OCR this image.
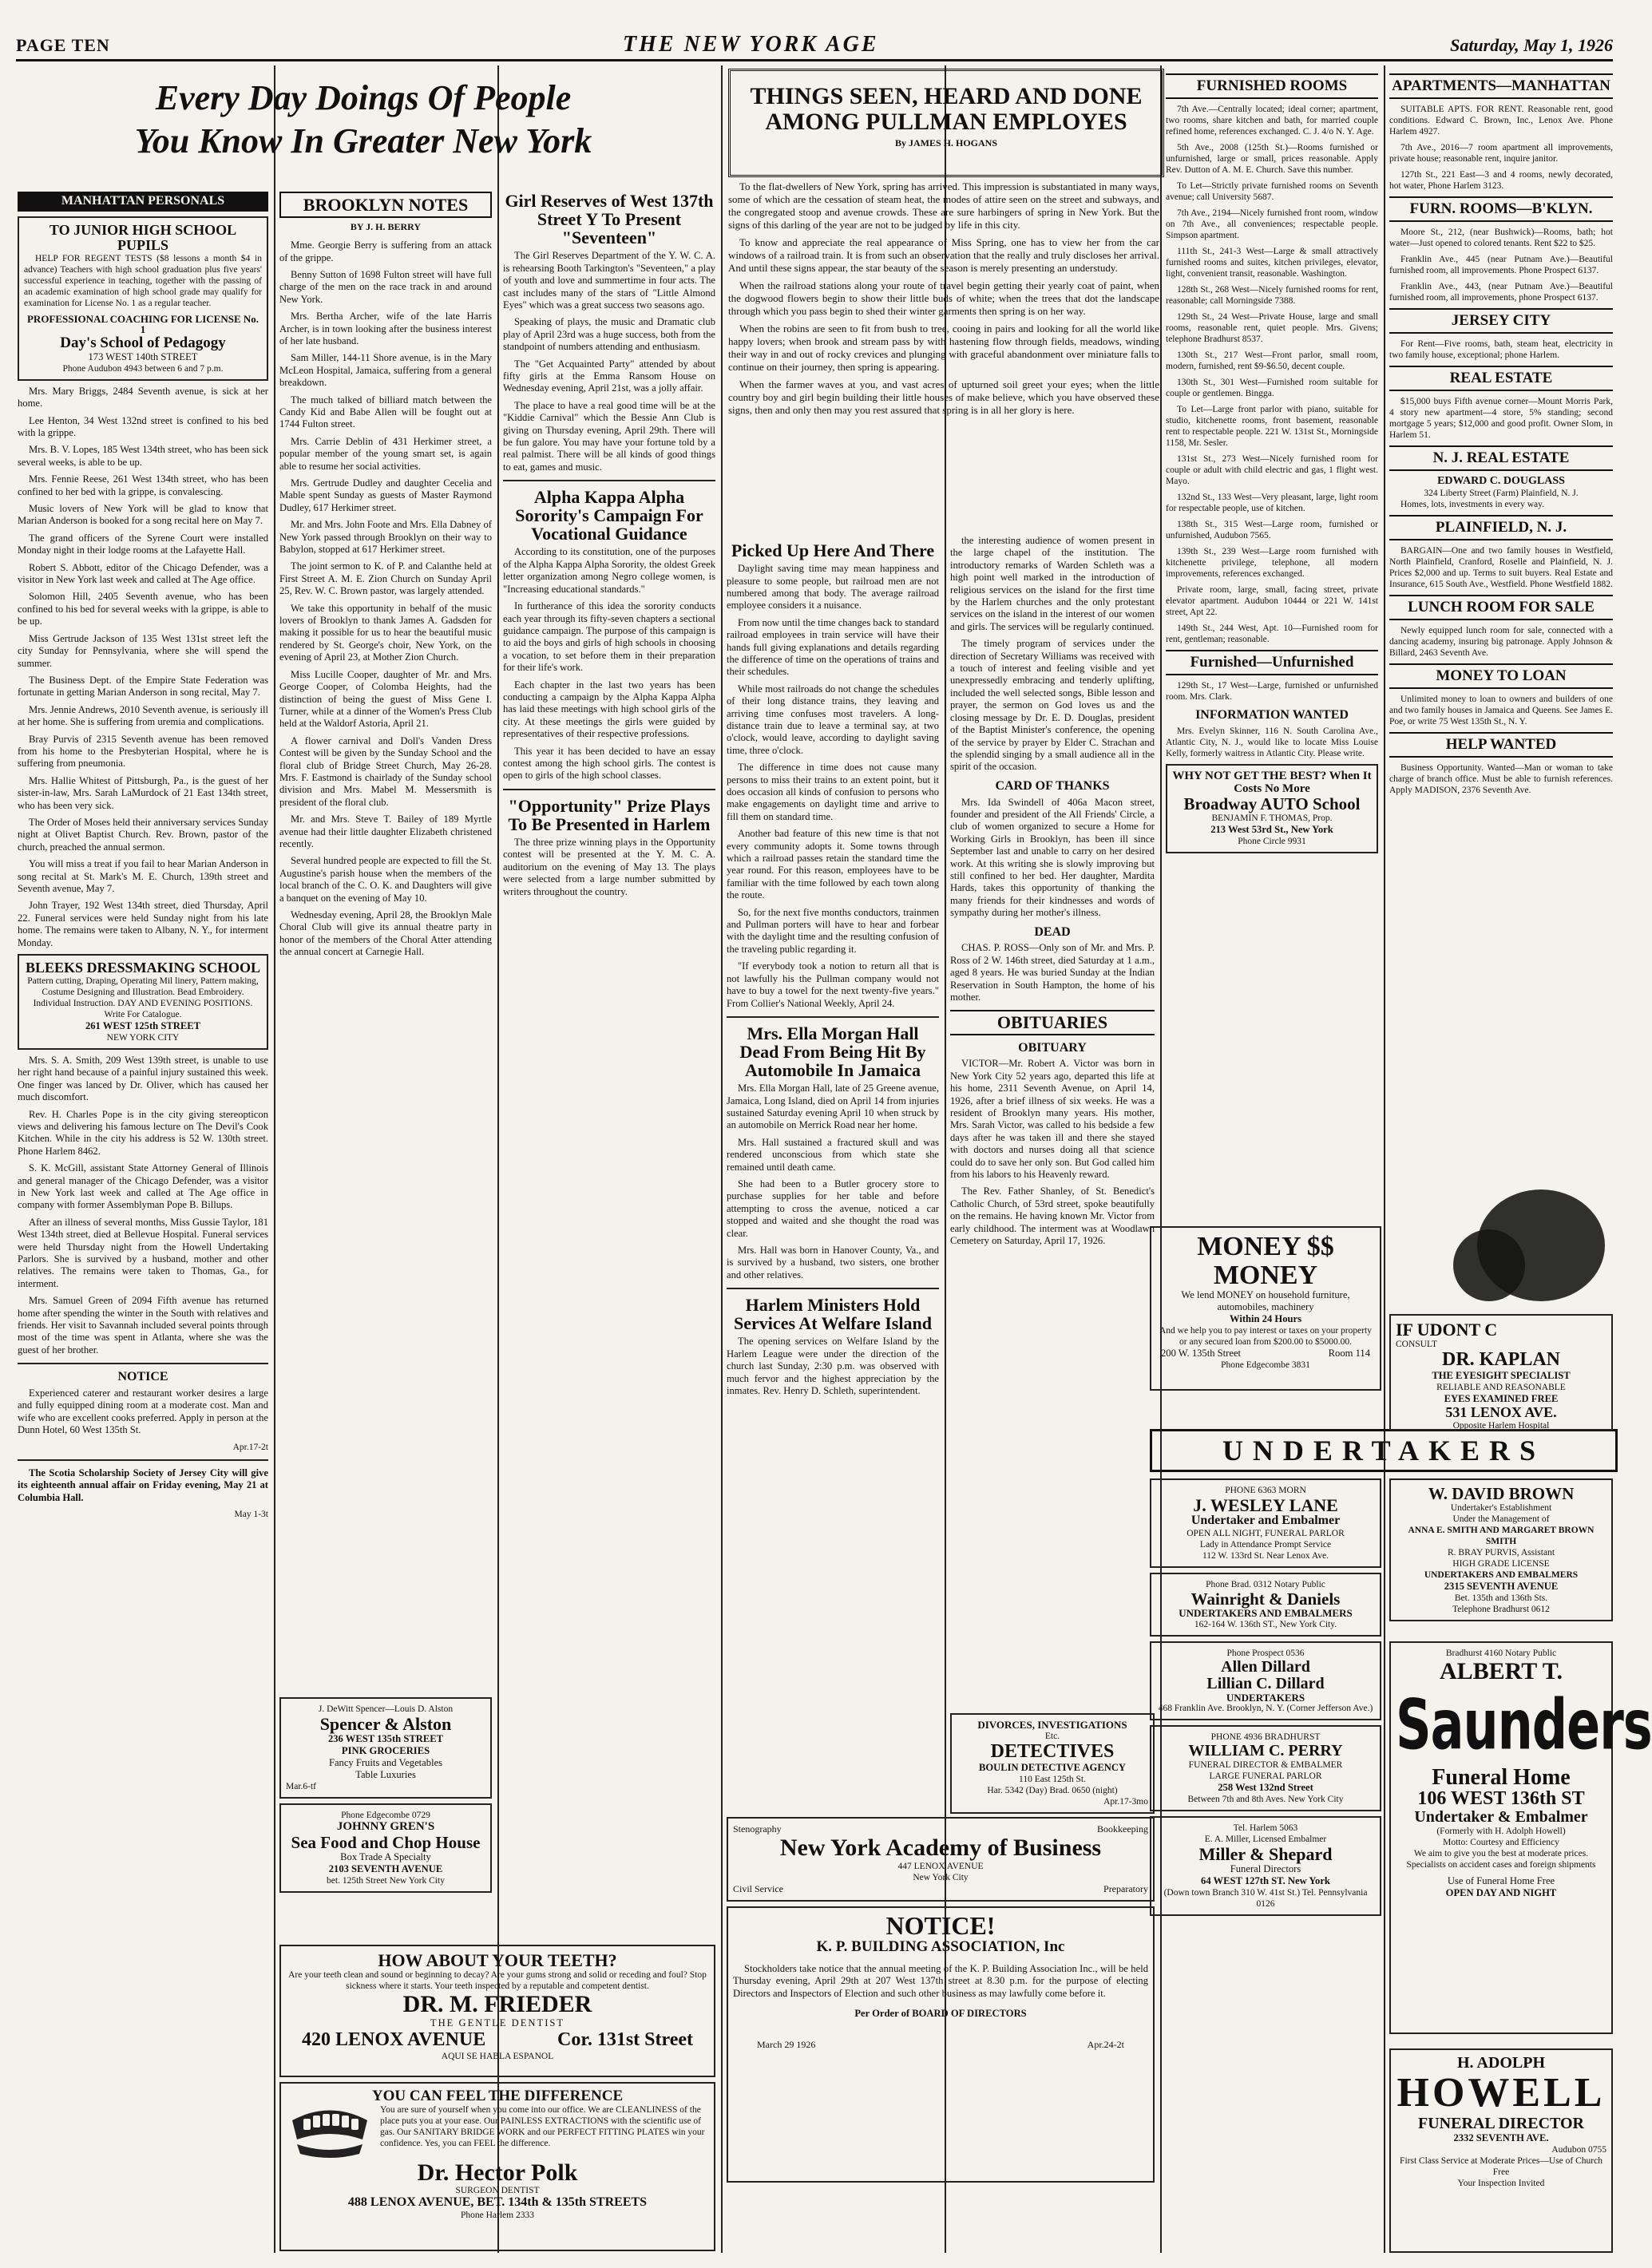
PAGE TEN	THE NEW YORK AGE	Saturday, May 1, 1926
Every Day Doings Of People
You Know In Greater New York
MANHATTAN PERSONALS
TO JUNIOR HIGH SCHOOL PUPILS

HELP FOR REGENT TESTS ($8 lessons a month $4 in advance) Teachers with high school graduation plus five years' successful experience in teaching, together with the passing of an academic examination of high school grade may qualify for examination for License No. 1 as a regular teacher.

PROFESSIONAL COACHING FOR LICENSE No. 1
Day's School of Pedagogy
173 WEST 140th STREET
Phone Audubon 4943 between 6 and 7 p.m.

Mrs. Mary Briggs, 2484 Seventh avenue, is sick at her home.

Lee Henton, 34 West 132nd street is confined to his bed with la grippe.

Mrs. B. V. Lopes, 185 West 134th street, who has been sick several weeks, is able to be up.

Mrs. Fennie Reese, 261 West 134th street, who has been confined to her bed with la grippe, is convalescing.

Music lovers of New York will be glad to know that Marian Anderson is booked for a song recital here on May 7.

The grand officers of the Syrene Court were installed Monday night in their lodge rooms at the Lafayette Hall.

Robert S. Abbott, editor of the Chicago Defender, was a visitor in New York last week and called at The Age office.

Solomon Hill, 2405 Seventh avenue, who has been confined to his bed for several weeks with la grippe, is able to be up.

Miss Gertrude Jackson of 135 West 131st street left the city Sunday for Pennsylvania, where she will spend the summer.

The Business Dept. of the Empire State Federation was fortunate in getting Marian Anderson in song recital, May 7.

Mrs. Jennie Andrews, 2010 Seventh avenue, is seriously ill at her home. She is suffering from uremia and complications.

Bray Purvis of 2315 Seventh avenue has been removed from his home to the Presbyterian Hospital, where he is suffering from pneumonia.

Mrs. Hallie Whitest of Pittsburgh, Pa., is the guest of her sister-in-law, Mrs. Sarah LaMurdock of 21 East 134th street, who has been very sick.

The Order of Moses held their anniversary services Sunday night at Olivet Baptist Church. Rev. Brown, pastor of the church, preached the annual sermon.

You will miss a treat if you fail to hear Marian Anderson in song recital at St. Mark's M. E. Church, 139th street and Seventh avenue, May 7.

John Trayer, 192 West 134th street, died Thursday, April 22. Funeral services were held Sunday night from his late home. The remains were taken to Albany, N. Y., for interment Monday.

BLEEKS DRESSMAKING SCHOOL
Pattern cutting, Draping, Operating Mil linery, Pattern making, Costume Designing and Illustration. Bead Embroidery. Individual Instruction. DAY AND EVENING POSITIONS. Write For Catalogue.
261 WEST 125th STREET
NEW YORK CITY

Mrs. S. A. Smith, 209 West 139th street, is unable to use her right hand because of a painful injury sustained this week. One finger was lanced by Dr. Oliver, which has caused her much discomfort.

Rev. H. Charles Pope is in the city giving stereopticon views and delivering his famous lecture on The Devil's Cook Kitchen. While in the city his address is 52 W. 130th street. Phone Harlem 8462.

S. K. McGill, assistant State Attorney General of Illinois and general manager of the Chicago Defender, was a visitor in New York last week and called at The Age office in company with former Assemblyman Pope B. Billups.

After an illness of several months, Miss Gussie Taylor, 181 West 134th street, died at Bellevue Hospital. Funeral services were held Thursday night from the Howell Undertaking Parlors. She is survived by a husband, mother and other relatives. The remains were taken to Thomas, Ga., for interment.

Mrs. Samuel Green of 2094 Fifth avenue has returned home after spending the winter in the South with relatives and friends. Her visit to Savannah included several points through most of the time was spent in Atlanta, where she was the guest of her brother.

NOTICE

Experienced caterer and restaurant worker desires a large and fully equipped dining room at a moderate cost. Man and wife who are excellent cooks preferred. Apply in person at the Dunn Hotel, 60 West 135th St.

Apr.17-2t

The Scotia Scholarship Society of Jersey City will give its eighteenth annual affair on Friday evening, May 21 at Columbia Hall.

May 1-3t
BROOKLYN NOTES
BY J. H. BERRY

Mme. Georgie Berry is suffering from an attack of the grippe.

Benny Sutton of 1698 Fulton street will have full charge of the men on the race track in and around New York.

Mrs. Bertha Archer, wife of the late Harris Archer, is in town looking after the business interest of her late husband.

Sam Miller, 144-11 Shore avenue, is in the Mary McLeon Hospital, Jamaica, suffering from a general breakdown.

The much talked of billiard match between the Candy Kid and Babe Allen will be fought out at 1744 Fulton street.

Mrs. Carrie Deblin of 431 Herkimer street, a popular member of the young smart set, is again able to resume her social activities.

Mrs. Gertrude Dudley and daughter Cecelia and Mable spent Sunday as guests of Master Raymond Dudley, 617 Herkimer street.

Mr. and Mrs. John Foote and Mrs. Ella Dabney of New York passed through Brooklyn on their way to Babylon, stopped at 617 Herkimer street.

The joint sermon to K. of P. and Calanthe held at First Street A. M. E. Zion Church on Sunday April 25, Rev. W. C. Brown pastor, was largely attended.

We take this opportunity in behalf of the music lovers of Brooklyn to thank James A. Gadsden for making it possible for us to hear the beautiful music rendered by St. George's choir, New York, on the evening of April 23, at Mother Zion Church.

Miss Lucille Cooper, daughter of Mr. and Mrs. George Cooper, of Colomba Heights, had the distinction of being the guest of Miss Gene I. Turner, while at a dinner of the Women's Press Club held at the Waldorf Astoria, April 21.

A flower carnival and Doll's Vanden Dress Contest will be given by the Sunday School and the floral club of Bridge Street Church, May 26-28. Mrs. F. Eastmond is chairlady of the Sunday school division and Mrs. Mabel M. Messersmith is president of the floral club.

Mr. and Mrs. Steve T. Bailey of 189 Myrtle avenue had their little daughter Elizabeth christened recently.

Several hundred people are expected to fill the St. Augustine's parish house when the members of the local branch of the C. O. K. and Daughters will give a banquet on the evening of May 10.

Wednesday evening, April 28, the Brooklyn Male Choral Club will give its annual theatre party in honor of the members of the Choral Atter attending the annual concert at Carnegie Hall.

J. DeWitt Spencer—Louis D. Alston
Spencer & Alston
236 WEST 135th STREET
PINK GROCERIES
Fancy Fruits and Vegetables
Table Luxuries
Mar.6-tf
Phone Edgecombe 0729
JOHNNY GREN'S
Sea Food and Chop House
Box Trade A Specialty
2103 SEVENTH AVENUE
bet. 125th Street New York City
Girl Reserves of West 137th Street Y To Present "Seventeen"

The Girl Reserves Department of the Y. W. C. A. is rehearsing Booth Tarkington's "Seventeen," a play of youth and love and summertime in four acts. The cast includes many of the stars of "Little Almond Eyes" which was a great success two seasons ago.

Speaking of plays, the music and Dramatic club play of April 23rd was a huge success, both from the standpoint of numbers attending and enthusiasm.

The "Get Acquainted Party" attended by about fifty girls at the Emma Ransom House on Wednesday evening, April 21st, was a jolly affair.

The place to have a real good time will be at the "Kiddie Carnival" which the Bessie Ann Club is giving on Thursday evening, April 29th. There will be fun galore. You may have your fortune told by a real palmist. There will be all kinds of good things to eat, games and music.

Alpha Kappa Alpha Sorority's Campaign For Vocational Guidance

According to its constitution, one of the purposes of the Alpha Kappa Alpha Sorority, the oldest Greek letter organization among Negro college women, is "Increasing educational standards."

In furtherance of this idea the sorority conducts each year through its fifty-seven chapters a sectional guidance campaign. The purpose of this campaign is to aid the boys and girls of high schools in choosing a vocation, to set before them in their preparation for their life's work.

Each chapter in the last two years has been conducting a campaign by the Alpha Kappa Alpha has laid these meetings with high school girls of the city. At these meetings the girls were guided by representatives of their respective professions.

This year it has been decided to have an essay contest among the high school girls. The contest is open to girls of the high school classes.

"Opportunity" Prize Plays To Be Presented in Harlem

The three prize winning plays in the Opportunity contest will be presented at the Y. M. C. A. auditorium on the evening of May 13. The plays were selected from a large number submitted by writers throughout the country.

THINGS SEEN, HEARD AND DONE AMONG PULLMAN EMPLOYES
By JAMES H. HOGANS

To the flat-dwellers of New York, spring has arrived. This impression is substantiated in many ways, some of which are the cessation of steam heat, the modes of attire seen on the street and subways, and the congregated stoop and avenue crowds. These are sure harbingers of spring in New York. But the signs of this darling of the year are not to be judged by life in this city.

To know and appreciate the real appearance of Miss Spring, one has to view her from the car windows of a railroad train. It is from such an observation that the really and truly discloses her arrival. And until these signs appear, the star beauty of the season is merely presenting an understudy.

When the railroad stations along your route of travel begin getting their yearly coat of paint, when the dogwood flowers begin to show their little buds of white; when the trees that dot the landscape through which you pass begin to shed their winter garments then spring is on her way.

When the robins are seen to fit from bush to tree, cooing in pairs and looking for all the world like happy lovers; when brook and stream pass by with hastening flow through fields, meadows, winding their way in and out of rocky crevices and plunging with graceful abandonment over miniature falls to continue on their journey, then spring is appearing.

When the farmer waves at you, and vast acres of upturned soil greet your eyes; when the little country boy and girl begin building their little houses of make believe, which you have observed these signs, then and only then may you rest assured that spring is in all her glory is here.

Picked Up Here And There

Daylight saving time may mean happiness and pleasure to some people, but railroad men are not numbered among that body. The average railroad employee considers it a nuisance.

From now until the time changes back to standard railroad employees in train service will have their hands full giving explanations and details regarding the difference of time on the operations of trains and their schedules.

While most railroads do not change the schedules of their long distance trains, they leaving and arriving time confuses most travelers. A long-distance train due to leave a terminal say, at two o'clock, would leave, according to daylight saving time, three o'clock.

The difference in time does not cause many persons to miss their trains to an extent point, but it does occasion all kinds of confusion to persons who make engagements on daylight time and arrive to fill them on standard time.

Another bad feature of this new time is that not every community adopts it. Some towns through which a railroad passes retain the standard time the year round. For this reason, employees have to be familiar with the time followed by each town along the route.

So, for the next five months conductors, trainmen and Pullman porters will have to hear and forbear with the daylight time and the resulting confusion of the traveling public regarding it.

"If everybody took a notion to return all that is not lawfully his the Pullman company would not have to buy a towel for the next twenty-five years." From Collier's National Weekly, April 24.

Mrs. Ella Morgan Hall Dead From Being Hit By Automobile In Jamaica

Mrs. Ella Morgan Hall, late of 25 Greene avenue, Jamaica, Long Island, died on April 14 from injuries sustained Saturday evening April 10 when struck by an automobile on Merrick Road near her home.

Mrs. Hall sustained a fractured skull and was rendered unconscious from which state she remained until death came.

She had been to a Butler grocery store to purchase supplies for her table and before attempting to cross the avenue, noticed a car stopped and waited and she thought the road was clear.

Mrs. Hall was born in Hanover County, Va., and is survived by a husband, two sisters, one brother and other relatives.

Harlem Ministers Hold Services At Welfare Island

The opening services on Welfare Island by the Harlem League were under the direction of the church last Sunday, 2:30 p.m. was observed with much fervor and the highest appreciation by the inmates. Rev. Henry D. Schleth, superintendent.

the interesting audience of women present in the large chapel of the institution. The introductory remarks of Warden Schleth was a high point well marked in the introduction of religious services on the island for the first time by the Harlem churches and the only protestant services on the island in the interest of our women and girls. The services will be regularly continued.

The timely program of services under the direction of Secretary Williams was received with a touch of interest and feeling visible and yet unexpressedly embracing and tenderly uplifting, included the well selected songs, Bible lesson and prayer, the sermon on God loves us and the closing message by Dr. E. D. Douglas, president of the Baptist Minister's conference, the opening of the service by prayer by Elder C. Strachan and the splendid singing by a small audience all in the spirit of the occasion.

CARD OF THANKS

Mrs. Ida Swindell of 406a Macon street, founder and president of the All Friends' Circle, a club of women organized to secure a Home for Working Girls in Brooklyn, has been ill since September last and unable to carry on her desired work. At this writing she is slowly improving but still confined to her bed. Her daughter, Mardita Hards, takes this opportunity of thanking the many friends for their kindnesses and words of sympathy during her mother's illness.

DEAD

CHAS. P. ROSS—Only son of Mr. and Mrs. P. Ross of 2 W. 146th street, died Saturday at 1 a.m., aged 8 years. He was buried Sunday at the Indian Reservation in South Hampton, the home of his mother.

OBITUARIES
OBITUARY

VICTOR—Mr. Robert A. Victor was born in New York City 52 years ago, departed this life at his home, 2311 Seventh Avenue, on April 14, 1926, after a brief illness of six weeks. He was a resident of Brooklyn many years. His mother, Mrs. Sarah Victor, was called to his bedside a few days after he was taken ill and there she stayed with doctors and nurses doing all that science could do to save her only son. But God called him from his labors to his Heavenly reward.

The Rev. Father Shanley, of St. Benedict's Catholic Church, of 53rd street, spoke beautifully on the remains. He having known Mr. Victor from early childhood. The interment was at Woodlawn Cemetery on Saturday, April 17, 1926.

DIVORCES, INVESTIGATIONS
Etc.
DETECTIVES
BOULIN DETECTIVE AGENCY
110 East 125th St.
Har. 5342 (Day) Brad. 0650 (night)
Apr.17-3mo
HOW ABOUT YOUR TEETH?
Are your teeth clean and sound or beginning to decay? Are your gums strong and solid or receding and foul? Stop sickness where it starts. Your teeth inspected by a reputable and competent dentist.
DR. M. FRIEDER
THE GENTLE DENTIST
420 LENOX AVENUE	Cor. 131st Street
AQUI SE HABLA ESPANOL
YOU CAN FEEL THE DIFFERENCE
You are sure of yourself when you come into our office. We are CLEANLINESS of the place puts you at your ease. Our PAINLESS EXTRACTIONS with the scientific use of gas. Our SANITARY BRIDGE WORK and our PERFECT FITTING PLATES win your confidence. Yes, you can FEEL the difference.
Dr. Hector Polk
SURGEON DENTIST
488 LENOX AVENUE, BET. 134th & 135th STREETS
Phone Harlem 2333
Stenography	Bookkeeping
New York Academy of Business
447 LENOX AVENUE
New York City
Civil Service	Preparatory
NOTICE!
K. P. BUILDING ASSOCIATION, Inc

Stockholders take notice that the annual meeting of the K. P. Building Association Inc., will be held Thursday evening, April 29th at 207 West 137th street at 8.30 p.m. for the purpose of electing Directors and Inspectors of Election and such other business as may lawfully come before it.

Per Order of BOARD OF DIRECTORS
March 29 1926	Apr.24-2t
FURNISHED ROOMS

7th Ave.—Centrally located; ideal corner; apartment, two rooms, share kitchen and bath, for married couple refined home, references exchanged. C. J. 4/o N. Y. Age.

5th Ave., 2008 (125th St.)—Rooms furnished or unfurnished, large or small, prices reasonable. Apply Rev. Dutton of A. M. E. Church. Save this number.

To Let—Strictly private furnished rooms on Seventh avenue; call University 5687.

7th Ave., 2194—Nicely furnished front room, window on 7th Ave., all conveniences; respectable people. Simpson apartment.

111th St., 241-3 West—Large & small attractively furnished rooms and suites, kitchen privileges, elevator, light, convenient transit, reasonable. Washington.

128th St., 268 West—Nicely furnished rooms for rent, reasonable; call Morningside 7388.

129th St., 24 West—Private House, large and small rooms, reasonable rent, quiet people. Mrs. Givens; telephone Bradhurst 8537.

130th St., 217 West—Front parlor, small room, modern, furnished, rent $9-$6.50, decent couple.

130th St., 301 West—Furnished room suitable for couple or gentlemen. Bingga.

To Let—Large front parlor with piano, suitable for studio, kitchenette rooms, front basement, reasonable rent to respectable people. 221 W. 131st St., Morningside 1158, Mr. Sesler.

131st St., 273 West—Nicely furnished room for couple or adult with child electric and gas, 1 flight west. Mayo.

132nd St., 133 West—Very pleasant, large, light room for respectable people, use of kitchen.

138th St., 315 West—Large room, furnished or unfurnished, Audubon 7565.

139th St., 239 West—Large room furnished with kitchenette privilege, telephone, all modern improvements, references exchanged.

Private room, large, small, facing street, private elevator apartment. Audubon 10444 or 221 W. 141st street, Apt 22.

149th St., 244 West, Apt. 10—Furnished room for rent, gentleman; reasonable.

Furnished—Unfurnished

129th St., 17 West—Large, furnished or unfurnished room. Mrs. Clark.

INFORMATION WANTED

Mrs. Evelyn Skinner, 116 N. South Carolina Ave., Atlantic City, N. J., would like to locate Miss Louise Kelly, formerly waitress in Atlantic City. Please write.

WHY NOT GET THE BEST? When It Costs No More
Broadway AUTO School
BENJAMIN F. THOMAS, Prop.
213 West 53rd St., New York
Phone Circle 9931
MONEY $$ MONEY
We lend MONEY on household furniture, automobiles, machinery
Within 24 Hours
And we help you to pay interest or taxes on your property or any secured loan from $200.00 to $5000.00.
200 W. 135th Street	Room 114
Phone Edgecombe 3831
UNDERTAKERS
PHONE 6363 MORN
J. WESLEY LANE
Undertaker and Embalmer
OPEN ALL NIGHT, FUNERAL PARLOR
Lady in Attendance Prompt Service
112 W. 133rd St. Near Lenox Ave.
Phone Brad. 0312 Notary Public
Wainright & Daniels
UNDERTAKERS AND EMBALMERS
162-164 W. 136th ST., New York City.
Phone Prospect 0536
Allen Dillard
Lillian C. Dillard
UNDERTAKERS
468 Franklin Ave. Brooklyn, N. Y. (Corner Jefferson Ave.)
PHONE 4936 BRADHURST
WILLIAM C. PERRY
FUNERAL DIRECTOR & EMBALMER
LARGE FUNERAL PARLOR
258 West 132nd Street
Between 7th and 8th Aves. New York City
Tel. Harlem 5063
E. A. Miller, Licensed Embalmer
Miller & Shepard
Funeral Directors
64 WEST 127th ST. New York
(Down town Branch 310 W. 41st St.) Tel. Pennsylvania 0126
APARTMENTS—MANHATTAN

SUITABLE APTS. FOR RENT. Reasonable rent, good conditions. Edward C. Brown, Inc., Lenox Ave. Phone Harlem 4927.

7th Ave., 2016—7 room apartment all improvements, private house; reasonable rent, inquire janitor.

127th St., 221 East—3 and 4 rooms, newly decorated, hot water, Phone Harlem 3123.

FURN. ROOMS—B'KLYN.

Moore St., 212, (near Bushwick)—Rooms, bath; hot water—Just opened to colored tenants. Rent $22 to $25.

Franklin Ave., 445 (near Putnam Ave.)—Beautiful furnished room, all improvements. Phone Prospect 6137.

Franklin Ave., 443, (near Putnam Ave.)—Beautiful furnished room, all improvements, phone Prospect 6137.

JERSEY CITY

For Rent—Five rooms, bath, steam heat, electricity in two family house, exceptional; phone Harlem.

REAL ESTATE

$15,000 buys Fifth avenue corner—Mount Morris Park, 4 story new apartment—4 store, 5% standing; second mortgage 5 years; $12,000 and good profit. Owner Slom, in Harlem 51.

N. J. REAL ESTATE
EDWARD C. DOUGLASS
324 Liberty Street (Farm) Plainfield, N. J.

Homes, lots, investments in every way.

PLAINFIELD, N. J.

BARGAIN—One and two family houses in Westfield, North Plainfield, Cranford, Roselle and Plainfield, N. J. Prices $2,000 and up. Terms to suit buyers. Real Estate and Insurance, 615 South Ave., Westfield. Phone Westfield 1882.

LUNCH ROOM FOR SALE

Newly equipped lunch room for sale, connected with a dancing academy, insuring big patronage. Apply Johnson & Billard, 2463 Seventh Ave.

MONEY TO LOAN

Unlimited money to loan to owners and builders of one and two family houses in Jamaica and Queens. See James E. Poe, or write 75 West 135th St., N. Y.

HELP WANTED

Business Opportunity. Wanted—Man or woman to take charge of branch office. Must be able to furnish references. Apply MADISON, 2376 Seventh Ave.

IF UDONT C
CONSULT
DR. KAPLAN
THE EYESIGHT SPECIALIST
RELIABLE AND REASONABLE
EYES EXAMINED FREE
531 LENOX AVE.
Opposite Harlem Hospital
W. DAVID BROWN
Undertaker's Establishment
Under the Management of
ANNA E. SMITH AND MARGARET BROWN SMITH
R. BRAY PURVIS, Assistant
HIGH GRADE LICENSE
UNDERTAKERS AND EMBALMERS
2315 SEVENTH AVENUE
Bet. 135th and 136th Sts.
Telephone Bradhurst 0612
Bradhurst 4160 Notary Public
ALBERT T.
Saunders
Funeral Home
106 WEST 136th ST
Undertaker & Embalmer
(Formerly with H. Adolph Howell)
Motto: Courtesy and Efficiency
We aim to give you the best at moderate prices.
Specialists on accident cases and foreign shipments
Use of Funeral Home Free
OPEN DAY AND NIGHT
H. ADOLPH
HOWELL
FUNERAL DIRECTOR
2332 SEVENTH AVE.
Audubon 0755
First Class Service at Moderate Prices—Use of Church Free
Your Inspection Invited
